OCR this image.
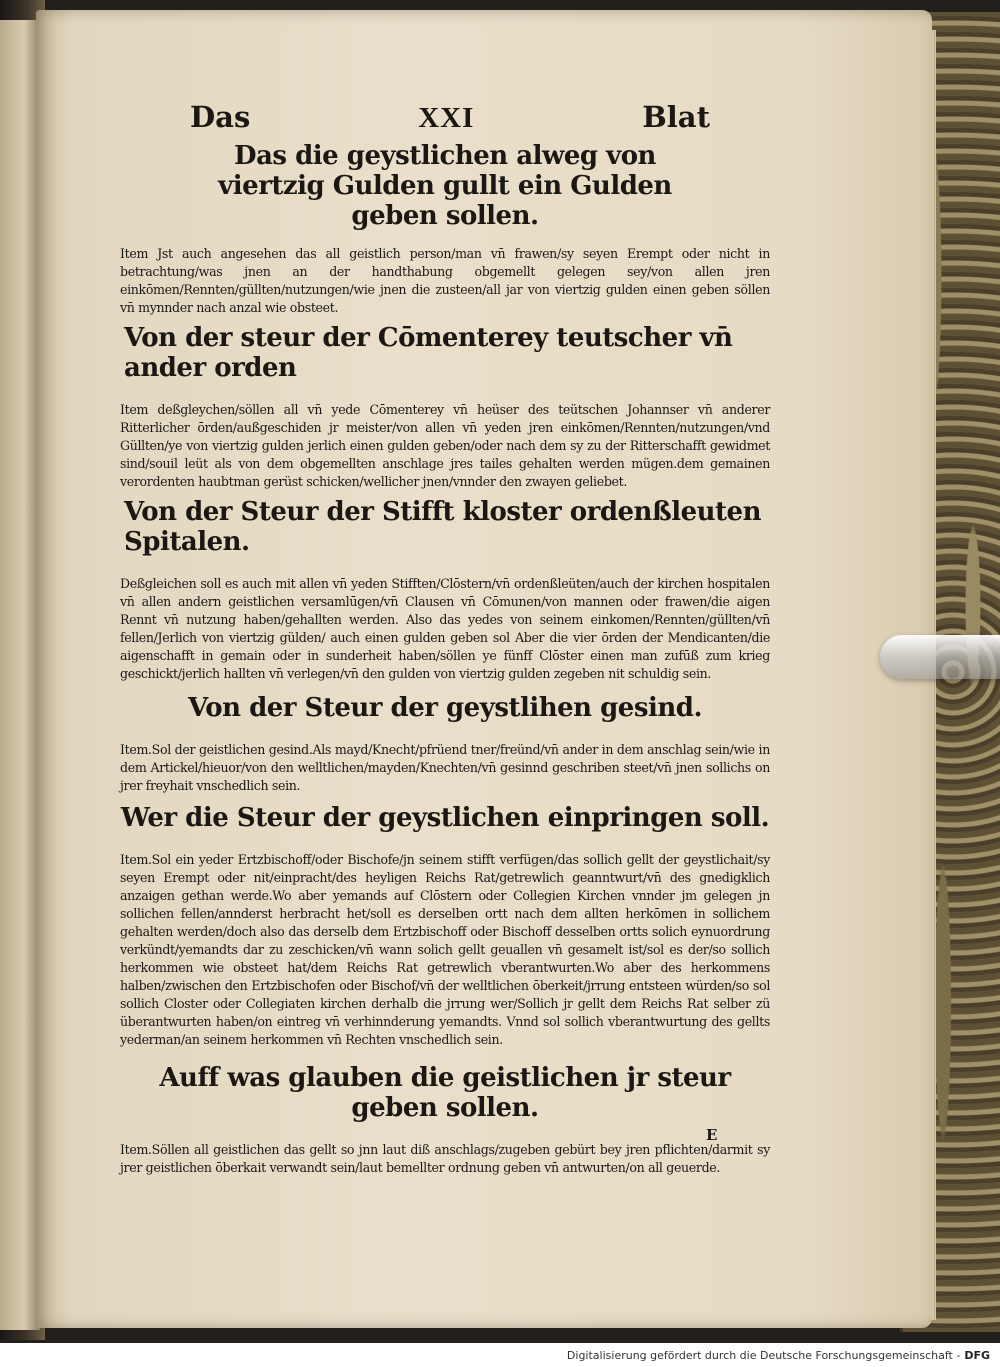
Das	XXI	Blat
Das die geystlichen alweg von viertzig Gulden gullt ein Gulden geben sollen.

Item Jst auch angesehen das all geistlich person/man vn̄ frawen/sy seyen Erempt oder nicht in betrachtung/was jnen an der handthabung obgemellt gelegen sey/von allen jren einkōmen/Rennten/güllten/nutzungen/wie jnen die zusteen/all jar von viertzig gulden einen geben söllen vn̄ mynnder nach anzal wie obsteet.

Von der steur der Cōmenterey teutscher vn̄ ander orden

Item deßgleychen/söllen all vn̄ yede Cōmenterey vn̄ heüser des teütschen Johannser vn̄ anderer Ritterlicher ōrden/außgeschiden jr meister/von allen vn̄ yeden jren einkōmen/Rennten/nutzungen/vnd Güllten/ye von viertzig gulden jerlich einen gulden geben/oder nach dem sy zu der Ritterschafft gewidmet sind/souil leüt als von dem obgemellten anschlage jres tailes gehalten werden mügen.dem gemainen verordenten haubtman gerüst schicken/wellicher jnen/vnnder den zwayen geliebet.

Von der Steur der Stifft kloster ordenßleuten Spitalen.

Deßgleichen soll es auch mit allen vn̄ yeden Stifften/Clōstern/vn̄ ordenßleüten/auch der kirchen hospitalen vn̄ allen andern geistlichen versamlūgen/vn̄ Clausen vn̄ Cōmunen/von mannen oder frawen/die aigen Rennt vn̄ nutzung haben/gehallten werden. Also das yedes von seinem einkomen/Rennten/güllten/vn̄ fellen/Jerlich von viertzig gülden/ auch einen gulden geben sol Aber die vier ōrden der Mendicanten/die aigenschafft in gemain oder in sunderheit haben/söllen ye fünff Clōster einen man zufūß zum krieg geschickt/jerlich hallten vn̄ verlegen/vn̄ den gulden von viertzig gulden zegeben nit schuldig sein.

Von der Steur der geystlihen gesind.

Item.Sol der geistlichen gesind.Als mayd/Knecht/pfrüend tner/freünd/vn̄ ander in dem anschlag sein/wie in dem Artickel/hieuor/von den welltlichen/mayden/Knechten/vn̄ gesinnd geschriben steet/vn̄ jnen sollichs on jrer freyhait vnschedlich sein.

Wer die Steur der geystlichen einpringen soll.

Item.Sol ein yeder Ertzbischoff/oder Bischofe/jn seinem stifft verfügen/das sollich gellt der geystlichait/sy seyen Erempt oder nit/einpracht/des heyligen Reichs Rat/getrewlich geanntwurt/vn̄ des gnedigklich anzaigen gethan werde.Wo aber yemands auf Clōstern oder Collegien Kirchen vnnder jm gelegen jn sollichen fellen/annderst herbracht het/soll es derselben ortt nach dem allten herkōmen in sollichem gehalten werden/doch also das derselb dem Ertzbischoff oder Bischoff desselben ortts solich eynuordrung verkündt/yemandts dar zu zeschicken/vn̄ wann solich gellt geuallen vn̄ gesamelt ist/sol es der/so sollich herkommen wie obsteet hat/dem Reichs Rat getrewlich vberantwurten.Wo aber des herkommens halben/zwischen den Ertzbischofen oder Bischof/vn̄ der welltlichen ōberkeit/jrrung entsteen würden/so sol sollich Closter oder Collegiaten kirchen derhalb die jrrung wer/Sollich jr gellt dem Reichs Rat selber zü überantwurten haben/on eintreg vn̄ verhinnderung yemandts. Vnnd sol sollich vberantwurtung des gellts yederman/an seinem herkommen vn̄ Rechten vnschedlich sein.

Auff was glauben die geistlichen jr steur geben sollen.

Item.Söllen all geistlichen das gellt so jnn laut diß anschlags/zugeben gebürt bey jren pflichten/darmit sy jrer geistlichen ōberkait verwandt sein/laut bemellter ordnung geben vn̄ antwurten/on all geuerde.

E
Digitalisierung gefördert durch die Deutsche Forschungsgemeinschaft - DFG
